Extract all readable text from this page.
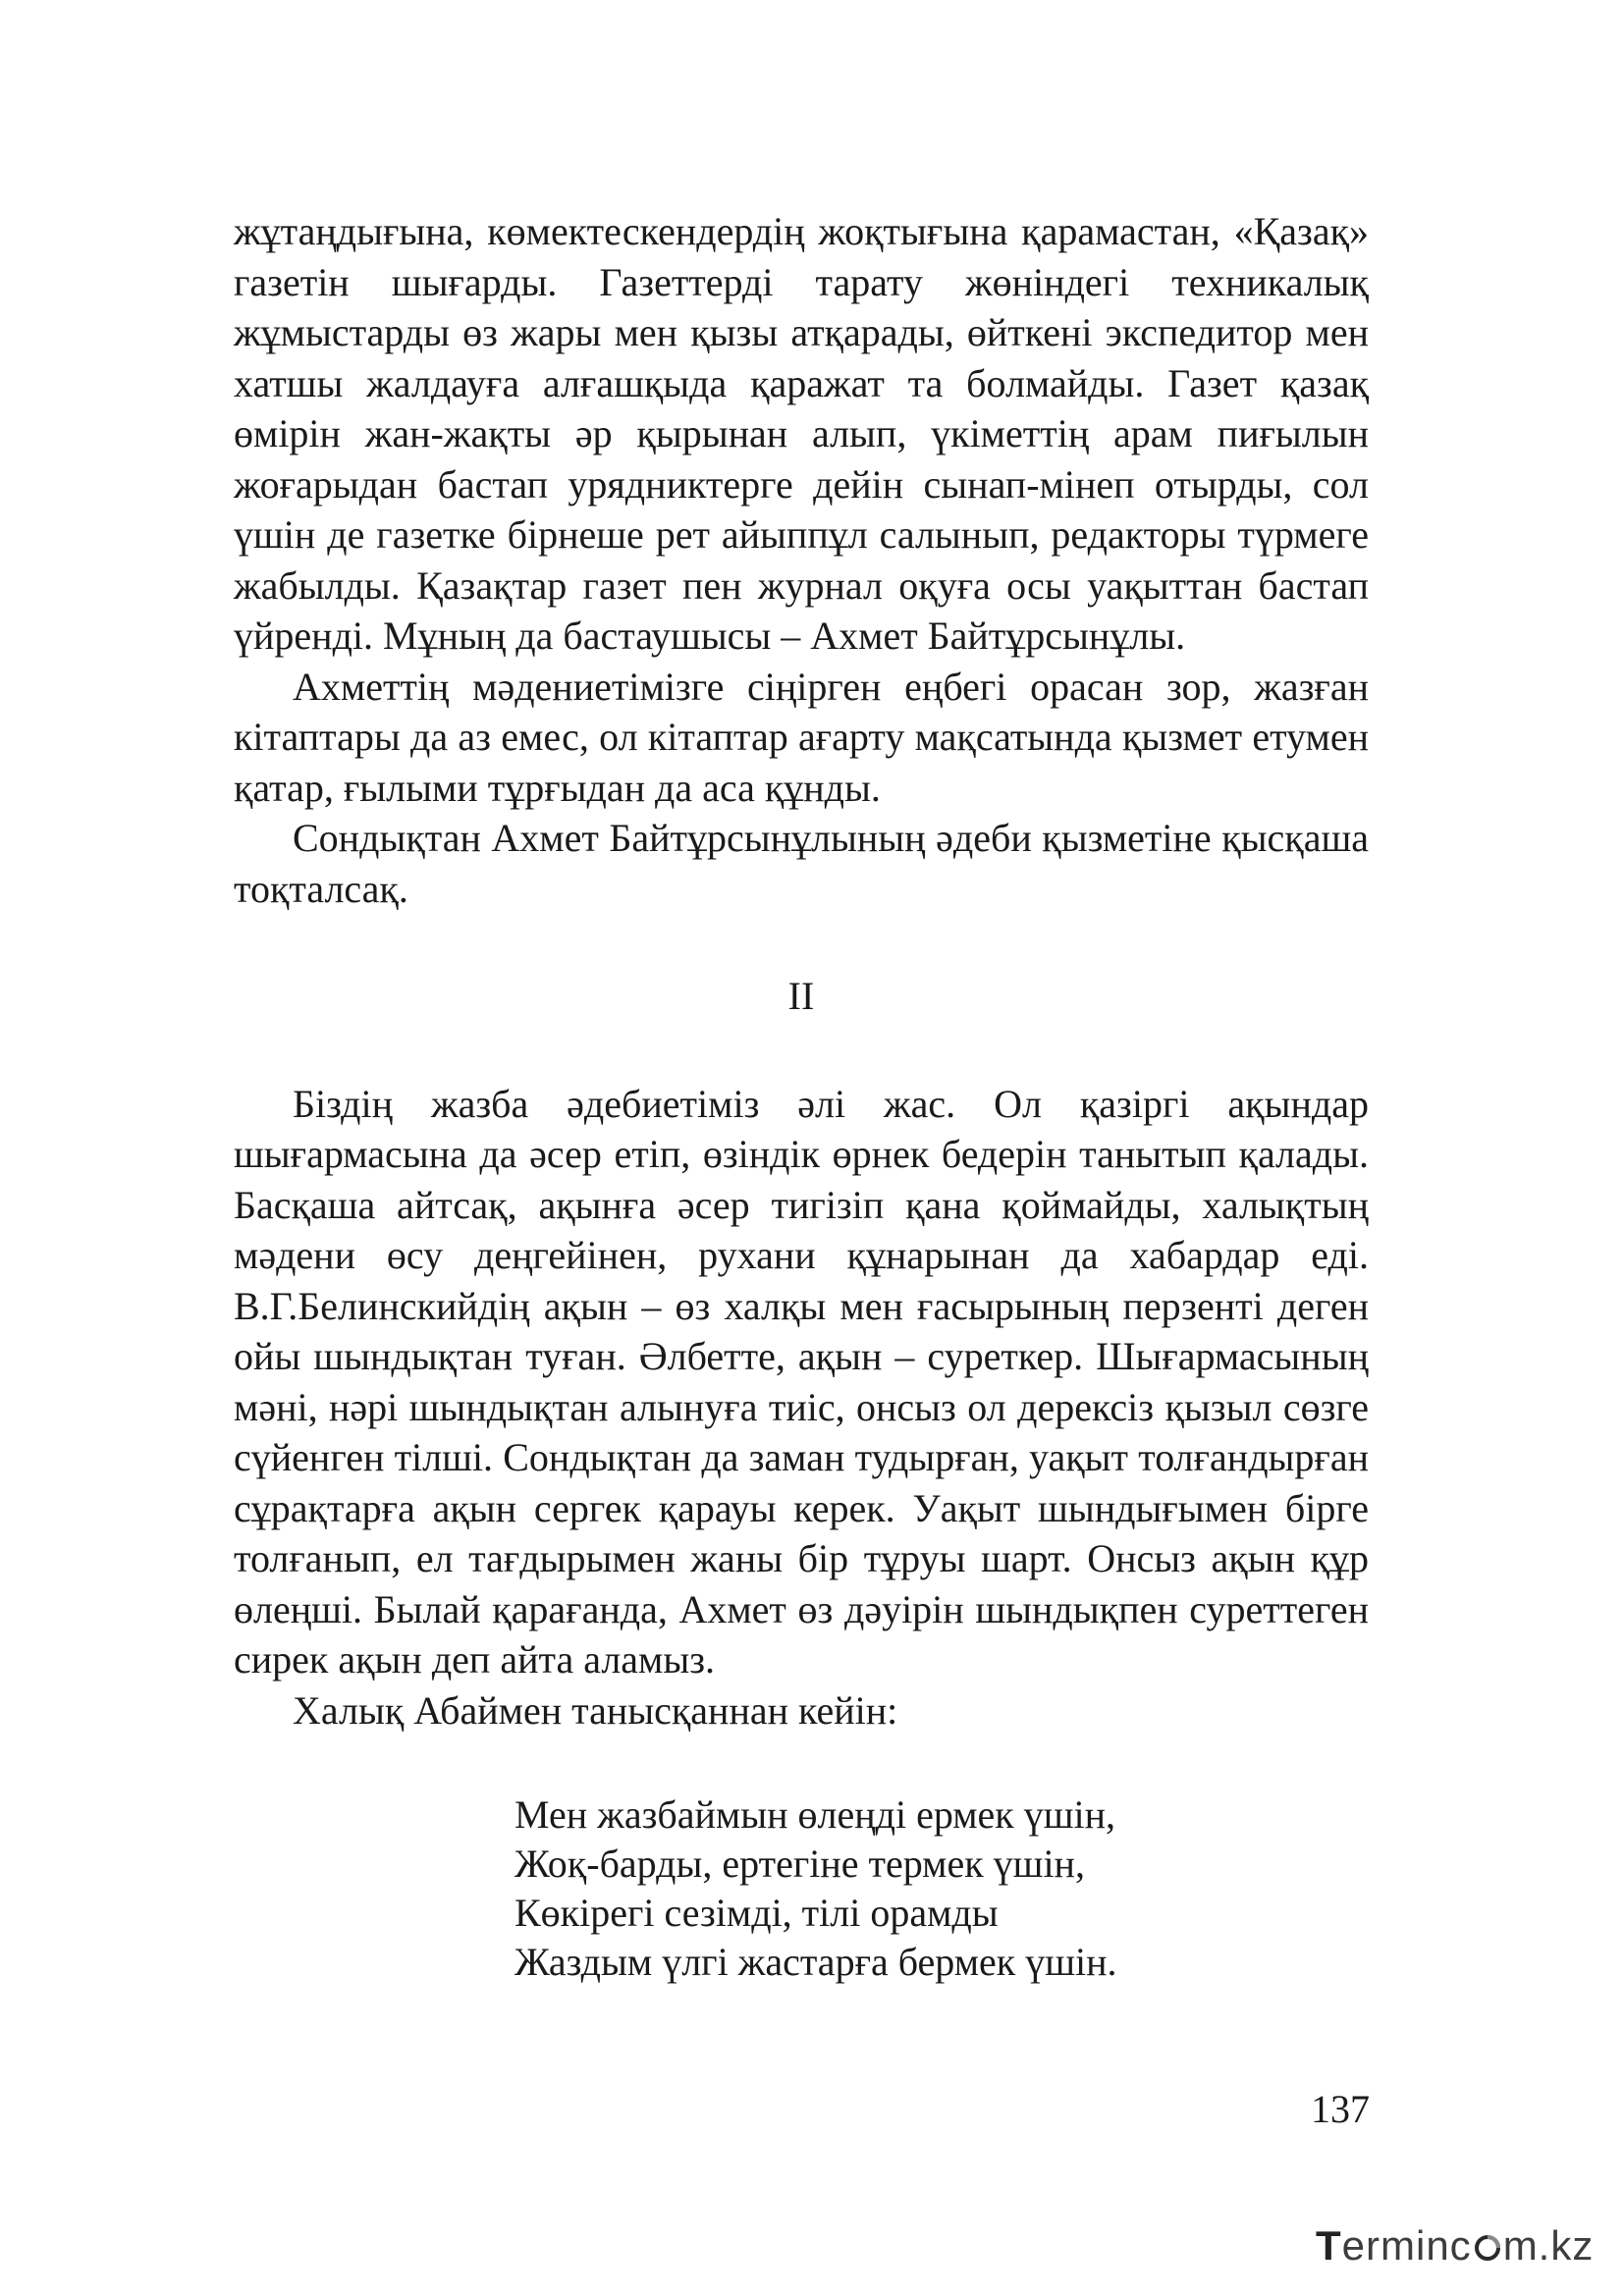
жұтаңдығына, көмектескендердің жоқтығына қарамастан, «Қазақ» газетін шығарды. Газеттерді тарату жөніндегі техникалық жұмыстарды өз жары мен қызы атқарады, өйткені экспедитор мен хатшы жалдауға алғашқыда қаражат та болмайды. Газет қазақ өмірін жан-жақты әр қырынан алып, үкіметтің арам пиғылын жоғарыдан бастап урядниктерге дейін сынап-мінеп отырды, сол үшін де газетке бірнеше рет айыппұл салынып, редакторы түрмеге жабылды. Қазақтар газет пен журнал оқуға осы уақыттан бастап үйренді. Мұның да бастаушысы – Ахмет Байтұрсынұлы.

Ахметтің мәдениетімізге сіңірген еңбегі орасан зор, жазған кітаптары да аз емес, ол кітаптар ағарту мақсатында қызмет етумен қатар, ғылыми тұрғыдан да аса құнды.

Сондықтан Ахмет Байтұрсынұлының әдеби қызметіне қысқаша тоқталсақ.

II

Біздің жазба әдебиетіміз әлі жас. Ол қазіргі ақындар шығармасына да әсер етіп, өзіндік өрнек бедерін танытып қалады. Басқаша айтсақ, ақынға әсер тигізіп қана қоймайды, халықтың мәдени өсу деңгейінен, рухани құнарынан да хабардар еді. В.Г.Белинскийдің ақын – өз халқы мен ғасырының перзенті деген ойы шындықтан туған. Әлбетте, ақын – суреткер. Шығармасының мәні, нәрі шындықтан алынуға тиіс, онсыз ол дерексіз қызыл сөзге сүйенген тілші. Сондықтан да заман тудырған, уақыт толғандырған сұрақтарға ақын сергек қарауы керек. Уақыт шындығымен бірге толғанып, ел тағдырымен жаны бір тұруы шарт. Онсыз ақын құр өлеңші. Былай қарағанда, Ахмет өз дәуірін шындықпен суреттеген сирек ақын деп айта аламыз.

Халық Абаймен танысқаннан кейін:

Мен жазбаймын өлеңді ермек үшін,
Жоқ-барды, ертегіне термек үшін,
Көкірегі сезімді, тілі орамды
Жаздым үлгі жастарға бермек үшін.
137
Terminc m.kz
